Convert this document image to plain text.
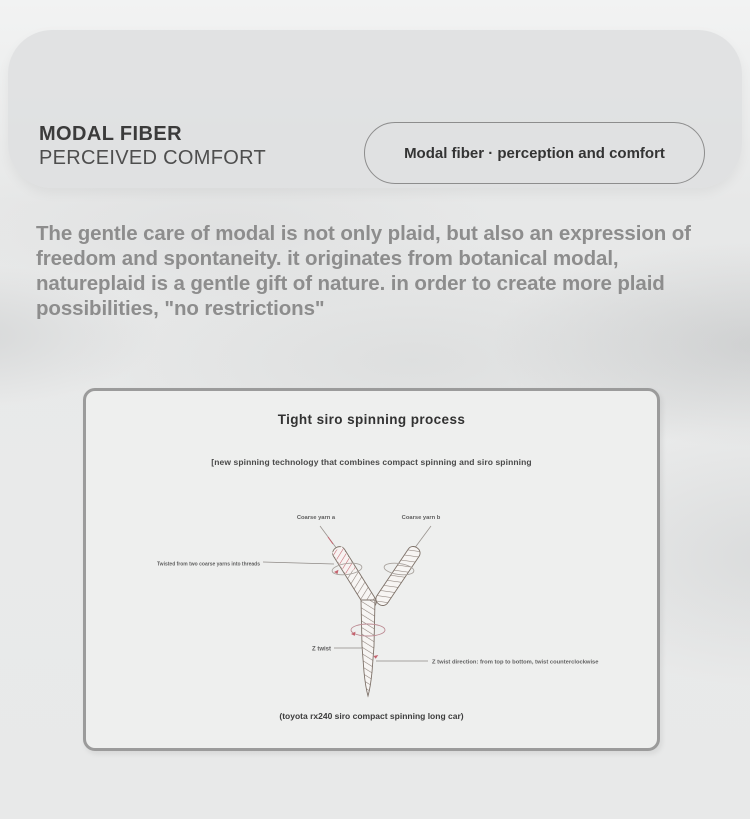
MODAL FIBER
PERCEIVED COMFORT	Modal fiber · perception and comfort
The gentle care of modal is not only plaid, but also an expression of freedom and spontaneity. it originates from botanical modal, natureplaid is a gentle gift of nature. in order to create more plaid possibilities, "no restrictions"
Tight siro spinning process
[new spinning technology that combines compact spinning and siro spinning
Coarse yarn a	Coarse yarn b
Twisted from two coarse yarns into threads
Z twist
Z twist direction: from top to bottom, twist counterclockwise
(toyota rx240 siro compact spinning long car)
